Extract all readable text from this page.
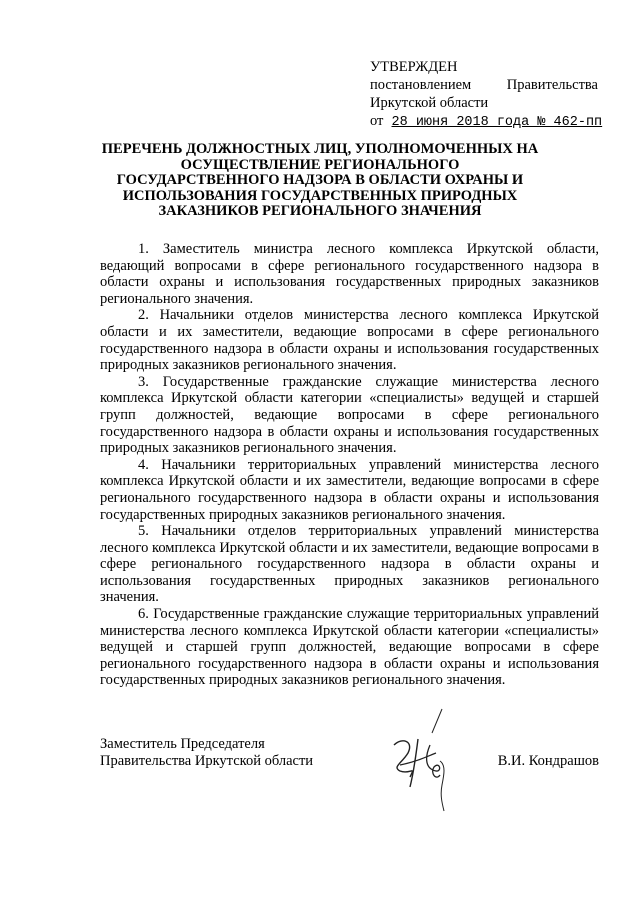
УТВЕРЖДЕН
постановлением Правительства
Иркутской области
от 28 июня 2018 года № 462-пп
ПЕРЕЧЕНЬ ДОЛЖНОСТНЫХ ЛИЦ, УПОЛНОМОЧЕННЫХ НА ОСУЩЕСТВЛЕНИЕ РЕГИОНАЛЬНОГО ГОСУДАРСТВЕННОГО НАДЗОРА В ОБЛАСТИ ОХРАНЫ И ИСПОЛЬЗОВАНИЯ ГОСУДАРСТВЕННЫХ ПРИРОДНЫХ ЗАКАЗНИКОВ РЕГИОНАЛЬНОГО ЗНАЧЕНИЯ

1. Заместитель министра лесного комплекса Иркутской области, ведающий вопросами в сфере регионального государственного надзора в области охраны и использования государственных природных заказников регионального значения.

2. Начальники отделов министерства лесного комплекса Иркутской области и их заместители, ведающие вопросами в сфере регионального государственного надзора в области охраны и использования государственных природных заказников регионального значения.

3. Государственные гражданские служащие министерства лесного комплекса Иркутской области категории «специалисты» ведущей и старшей групп должностей, ведающие вопросами в сфере регионального государственного надзора в области охраны и использования государственных природных заказников регионального значения.

4. Начальники территориальных управлений министерства лесного комплекса Иркутской области и их заместители, ведающие вопросами в сфере регионального государственного надзора в области охраны и использования государственных природных заказников регионального значения.

5. Начальники отделов территориальных управлений министерства лесного комплекса Иркутской области и их заместители, ведающие вопросами в сфере регионального государственного надзора в области охраны и использования государственных природных заказников регионального значения.

6. Государственные гражданские служащие территориальных управлений министерства лесного комплекса Иркутской области категории «специалисты» ведущей и старшей групп должностей, ведающие вопросами в сфере регионального государственного надзора в области охраны и использования государственных природных заказников регионального значения.

Заместитель Председателя
Правительства Иркутской области	В.И. Кондрашов
